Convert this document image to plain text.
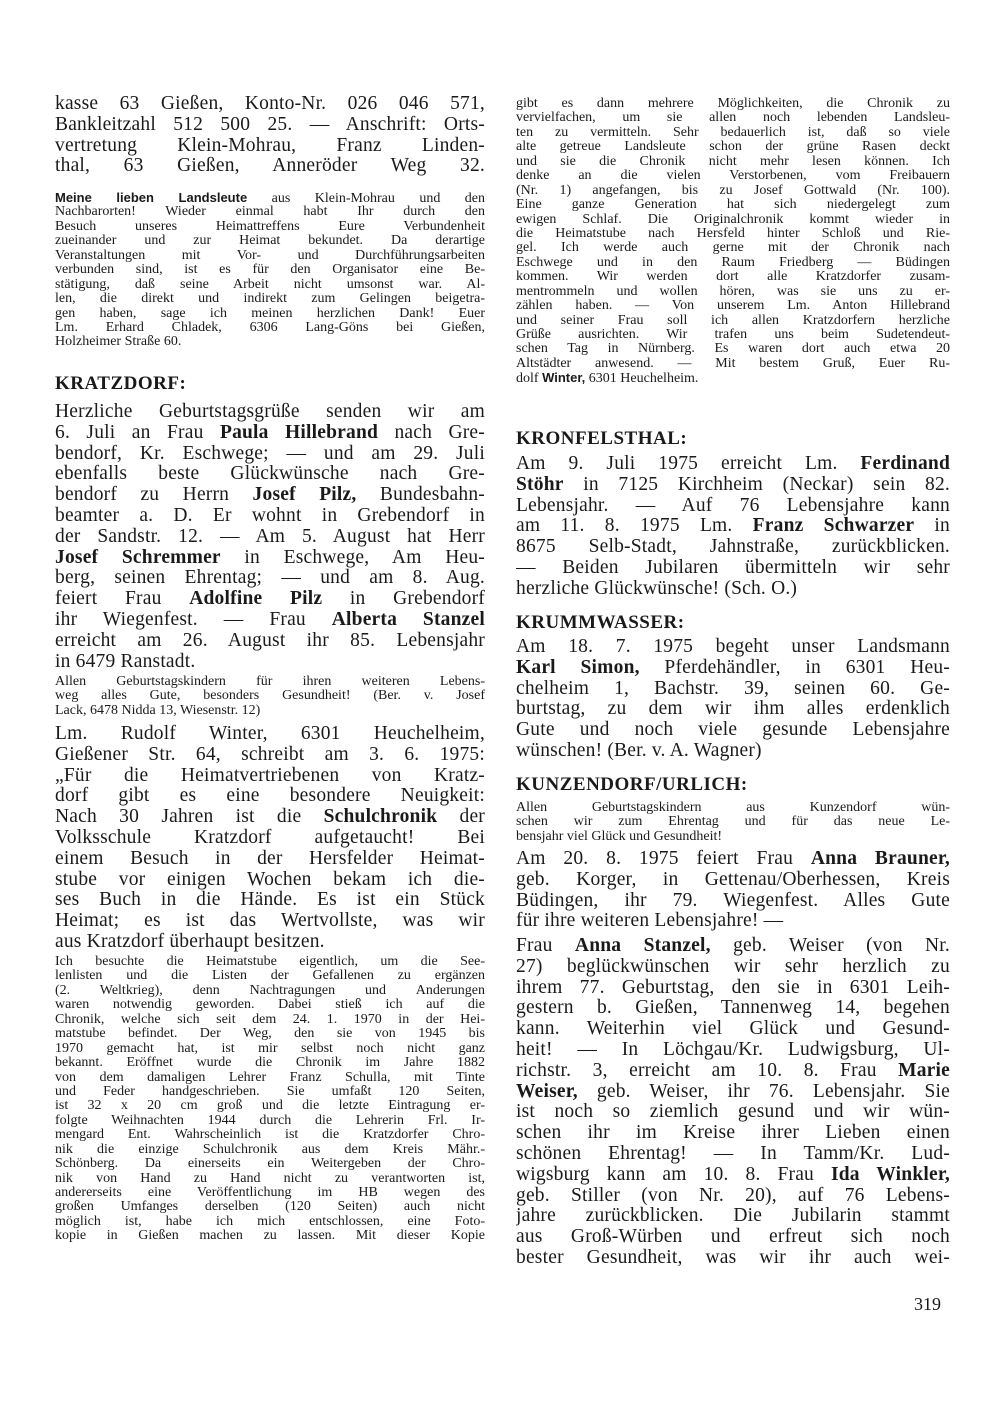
kasse 63 Gießen, Konto-Nr. 026 046 571,
Bankleitzahl 512 500 25. — Anschrift: Orts-
vertretung Klein-Mohrau, Franz Linden-
thal, 63 Gießen, Anneröder Weg 32.
Meine lieben Landsleute aus Klein-Mohrau und den
Nachbarorten! Wieder einmal habt Ihr durch den
Besuch unseres Heimattreffens Eure Verbundenheit
zueinander und zur Heimat bekundet. Da derartige
Veranstaltungen mit Vor- und Durchführungsarbeiten
verbunden sind, ist es für den Organisator eine Be-
stätigung, daß seine Arbeit nicht umsonst war. Al-
len, die direkt und indirekt zum Gelingen beigetra-
gen haben, sage ich meinen herzlichen Dank! Euer
Lm. Erhard Chladek, 6306 Lang-Göns bei Gießen,
Holzheimer Straße 60.
KRATZDORF:
Herzliche Geburtstagsgrüße senden wir am
6. Juli an Frau Paula Hillebrand nach Gre-
bendorf, Kr. Eschwege; — und am 29. Juli
ebenfalls beste Glückwünsche nach Gre-
bendorf zu Herrn Josef Pilz, Bundesbahn-
beamter a. D. Er wohnt in Grebendorf in
der Sandstr. 12. — Am 5. August hat Herr
Josef Schremmer in Eschwege, Am Heu-
berg, seinen Ehrentag; — und am 8. Aug.
feiert Frau Adolfine Pilz in Grebendorf
ihr Wiegenfest. — Frau Alberta Stanzel
erreicht am 26. August ihr 85. Lebensjahr
in 6479 Ranstadt.
Allen Geburtstagskindern für ihren weiteren Lebens-
weg alles Gute, besonders Gesundheit! (Ber. v. Josef
Lack, 6478 Nidda 13, Wiesenstr. 12)
Lm. Rudolf Winter, 6301 Heuchelheim,
Gießener Str. 64, schreibt am 3. 6. 1975:
„Für die Heimatvertriebenen von Kratz-
dorf gibt es eine besondere Neuigkeit:
Nach 30 Jahren ist die Schulchronik der
Volksschule Kratzdorf aufgetaucht! Bei
einem Besuch in der Hersfelder Heimat-
stube vor einigen Wochen bekam ich die-
ses Buch in die Hände. Es ist ein Stück
Heimat; es ist das Wertvollste, was wir
aus Kratzdorf überhaupt besitzen.
Ich besuchte die Heimatstube eigentlich, um die See-
lenlisten und die Listen der Gefallenen zu ergänzen
(2. Weltkrieg), denn Nachtragungen und Änderungen
waren notwendig geworden. Dabei stieß ich auf die
Chronik, welche sich seit dem 24. 1. 1970 in der Hei-
matstube befindet. Der Weg, den sie von 1945 bis
1970 gemacht hat, ist mir selbst noch nicht ganz
bekannt. Eröffnet wurde die Chronik im Jahre 1882
von dem damaligen Lehrer Franz Schulla, mit Tinte
und Feder handgeschrieben. Sie umfaßt 120 Seiten,
ist 32 x 20 cm groß und die letzte Eintragung er-
folgte Weihnachten 1944 durch die Lehrerin Frl. Ir-
mengard Ent. Wahrscheinlich ist die Kratzdorfer Chro-
nik die einzige Schulchronik aus dem Kreis Mähr.-
Schönberg. Da einerseits ein Weitergeben der Chro-
nik von Hand zu Hand nicht zu verantworten ist,
andererseits eine Veröffentlichung im HB wegen des
großen Umfanges derselben (120 Seiten) auch nicht
möglich ist, habe ich mich entschlossen, eine Foto-
kopie in Gießen machen zu lassen. Mit dieser Kopie
gibt es dann mehrere Möglichkeiten, die Chronik zu
vervielfachen, um sie allen noch lebenden Landsleu-
ten zu vermitteln. Sehr bedauerlich ist, daß so viele
alte getreue Landsleute schon der grüne Rasen deckt
und sie die Chronik nicht mehr lesen können. Ich
denke an die vielen Verstorbenen, vom Freibauern
(Nr. 1) angefangen, bis zu Josef Gottwald (Nr. 100).
Eine ganze Generation hat sich niedergelegt zum
ewigen Schlaf. Die Originalchronik kommt wieder in
die Heimatstube nach Hersfeld hinter Schloß und Rie-
gel. Ich werde auch gerne mit der Chronik nach
Eschwege und in den Raum Friedberg — Büdingen
kommen. Wir werden dort alle Kratzdorfer zusam-
mentrommeln und wollen hören, was sie uns zu er-
zählen haben. — Von unserem Lm. Anton Hillebrand
und seiner Frau soll ich allen Kratzdorfern herzliche
Grüße ausrichten. Wir trafen uns beim Sudetendeut-
schen Tag in Nürnberg. Es waren dort auch etwa 20
Altstädter anwesend. — Mit bestem Gruß, Euer Ru-
dolf Winter, 6301 Heuchelheim.
KRONFELSTHAL:
Am 9. Juli 1975 erreicht Lm. Ferdinand
Stöhr in 7125 Kirchheim (Neckar) sein 82.
Lebensjahr. — Auf 76 Lebensjahre kann
am 11. 8. 1975 Lm. Franz Schwarzer in
8675 Selb-Stadt, Jahnstraße, zurückblicken.
— Beiden Jubilaren übermitteln wir sehr
herzliche Glückwünsche! (Sch. O.)
KRUMMWASSER:
Am 18. 7. 1975 begeht unser Landsmann
Karl Simon, Pferdehändler, in 6301 Heu-
chelheim 1, Bachstr. 39, seinen 60. Ge-
burtstag, zu dem wir ihm alles erdenklich
Gute und noch viele gesunde Lebensjahre
wünschen! (Ber. v. A. Wagner)
KUNZENDORF/URLICH:
Allen Geburtstagskindern aus Kunzendorf wün-
schen wir zum Ehrentag und für das neue Le-
bensjahr viel Glück und Gesundheit!
Am 20. 8. 1975 feiert Frau Anna Brauner,
geb. Korger, in Gettenau/Oberhessen, Kreis
Büdingen, ihr 79. Wiegenfest. Alles Gute
für ihre weiteren Lebensjahre! —
Frau Anna Stanzel, geb. Weiser (von Nr.
27) beglückwünschen wir sehr herzlich zu
ihrem 77. Geburtstag, den sie in 6301 Leih-
gestern b. Gießen, Tannenweg 14, begehen
kann. Weiterhin viel Glück und Gesund-
heit! — In Löchgau/Kr. Ludwigsburg, Ul-
richstr. 3, erreicht am 10. 8. Frau Marie
Weiser, geb. Weiser, ihr 76. Lebensjahr. Sie
ist noch so ziemlich gesund und wir wün-
schen ihr im Kreise ihrer Lieben einen
schönen Ehrentag! — In Tamm/Kr. Lud-
wigsburg kann am 10. 8. Frau Ida Winkler,
geb. Stiller (von Nr. 20), auf 76 Lebens-
jahre zurückblicken. Die Jubilarin stammt
aus Groß-Würben und erfreut sich noch
bester Gesundheit, was wir ihr auch wei-
319
